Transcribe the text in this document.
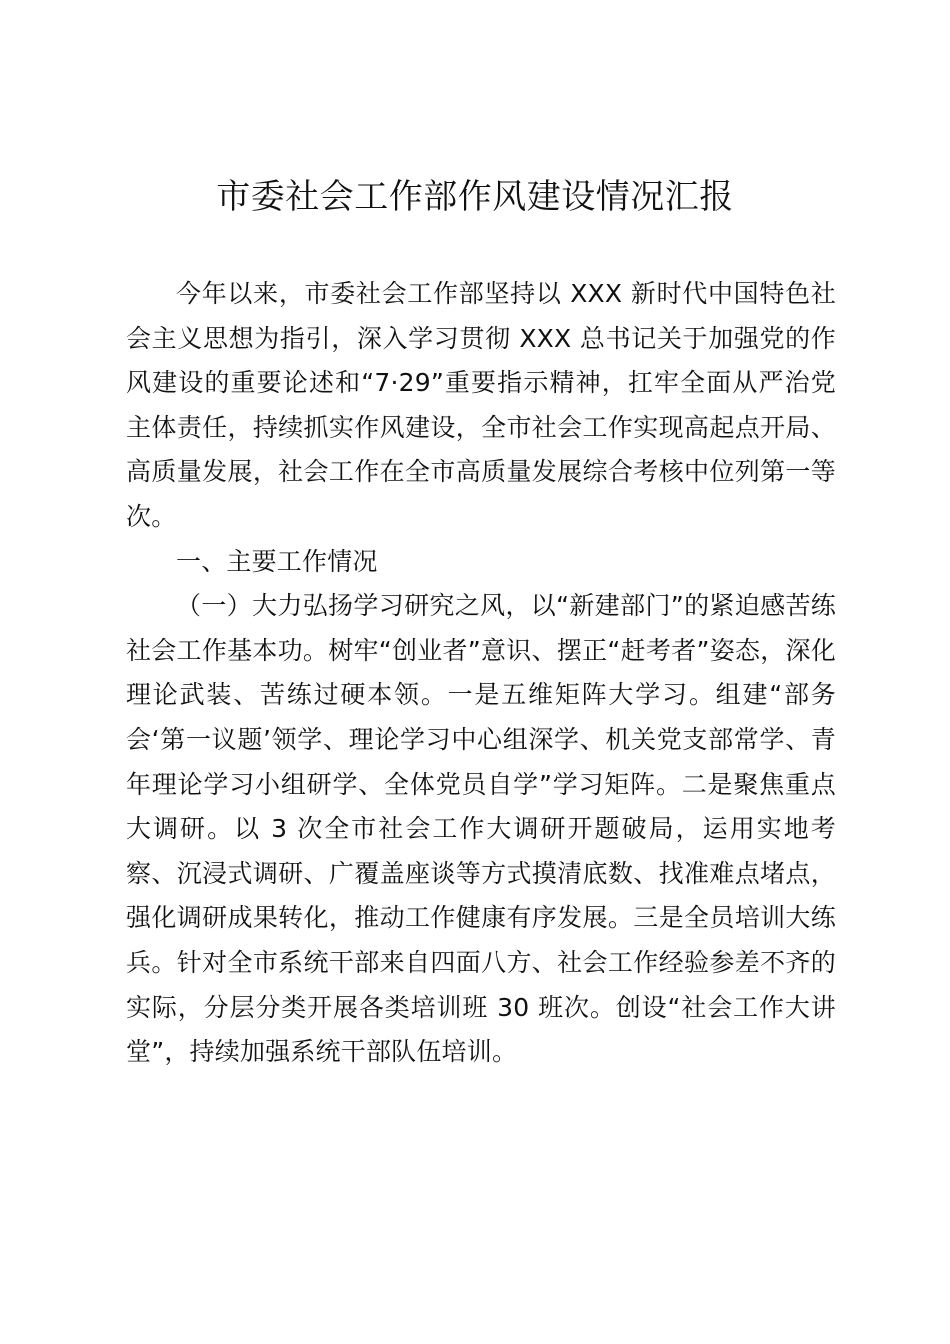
市委社会工作部作风建设情况汇报

今年以来，市委社会工作部坚持以 XXX 新时代中国特色社会主义思想为指引，深入学习贯彻 XXX 总书记关于加强党的作风建设的重要论述和“7·29”重要指示精神，扛牢全面从严治党主体责任，持续抓实作风建设，全市社会工作实现高起点开局、高质量发展，社会工作在全市高质量发展综合考核中位列第一等次。

一、主要工作情况

（一）大力弘扬学习研究之风，以“新建部门”的紧迫感苦练社会工作基本功。树牢“创业者”意识、摆正“赶考者”姿态，深化理论武装、苦练过硬本领。一是五维矩阵大学习。组建“部务会‘第一议题’领学、理论学习中心组深学、机关党支部常学、青年理论学习小组研学、全体党员自学”学习矩阵。二是聚焦重点大调研。以 3 次全市社会工作大调研开题破局，运用实地考察、沉浸式调研、广覆盖座谈等方式摸清底数、找准难点堵点，强化调研成果转化，推动工作健康有序发展。三是全员培训大练兵。针对全市系统干部来自四面八方、社会工作经验参差不齐的实际，分层分类开展各类培训班 30 班次。创设“社会工作大讲堂”，持续加强系统干部队伍培训。
